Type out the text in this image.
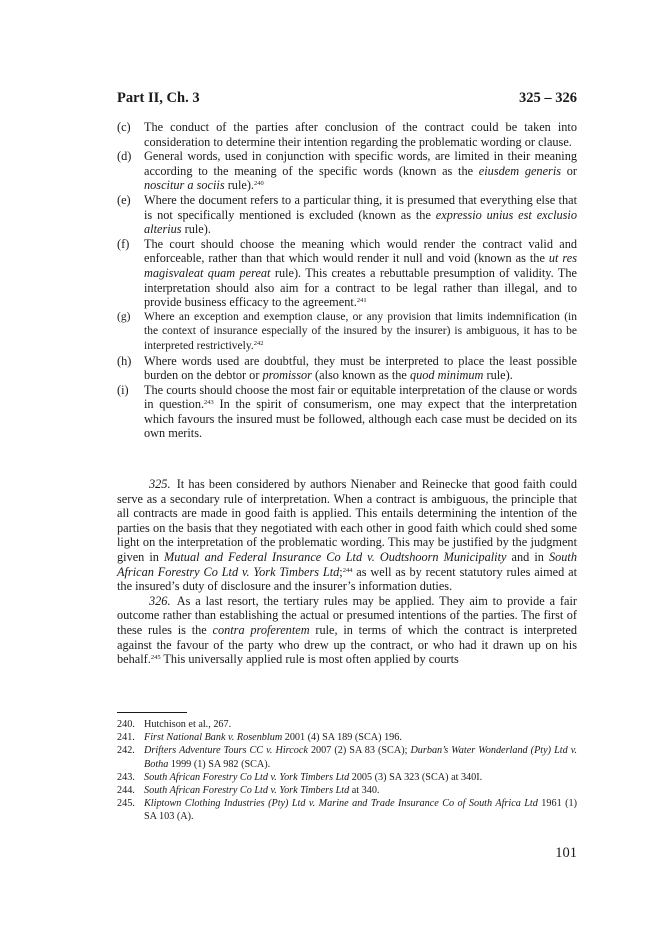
Part II, Ch. 3	325 – 326
(c) The conduct of the parties after conclusion of the contract could be taken into consideration to determine their intention regarding the problematic wording or clause.
(d) General words, used in conjunction with specific words, are limited in their meaning according to the meaning of the specific words (known as the eiusdem generis or noscitur a sociis rule).$^{240}$
(e) Where the document refers to a particular thing, it is presumed that everything else that is not specifically mentioned is excluded (known as the expressio unius est exclusio alterius rule).
(f) The court should choose the meaning which would render the contract valid and enforceable, rather than that which would render it null and void (known as the ut res magisvaleat quam pereat rule). This creates a rebuttable presumption of validity. The interpretation should also aim for a contract to be legal rather than illegal, and to provide business efficacy to the agreement.$^{241}$
(g) Where an exception and exemption clause, or any provision that limits indemnification (in the context of insurance especially of the insured by the insurer) is ambiguous, it has to be interpreted restrictively.$^{242}$
(h) Where words used are doubtful, they must be interpreted to place the least possible burden on the debtor or promissor (also known as the quod minimum rule).
(i) The courts should choose the most fair or equitable interpretation of the clause or words in question.$^{243}$ In the spirit of consumerism, one may expect that the interpretation which favours the insured must be followed, although each case must be decided on its own merits.

325.  It has been considered by authors Nienaber and Reinecke that good faith could serve as a secondary rule of interpretation. When a contract is ambiguous, the principle that all contracts are made in good faith is applied. This entails determining the intention of the parties on the basis that they negotiated with each other in good faith which could shed some light on the interpretation of the problematic wording. This may be justified by the judgment given in Mutual and Federal Insurance Co Ltd v. Oudtshoorn Municipality and in South African Forestry Co Ltd v. York Timbers Ltd;$^{244}$ as well as by recent statutory rules aimed at the insured’s duty of disclosure and the insurer’s information duties.

326.  As a last resort, the tertiary rules may be applied. They aim to provide a fair outcome rather than establishing the actual or presumed intentions of the parties. The first of these rules is the contra proferentem rule, in terms of which the contract is interpreted against the favour of the party who drew up the contract, or who had it drawn up on his behalf.$^{245}$ This universally applied rule is most often applied by courts

240. Hutchison et al., 267.
241. First National Bank v. Rosenblum 2001 (4) SA 189 (SCA) 196.
242. Drifters Adventure Tours CC v. Hircock 2007 (2) SA 83 (SCA); Durban’s Water Wonderland (Pty) Ltd v. Botha 1999 (1) SA 982 (SCA).
243. South African Forestry Co Ltd v. York Timbers Ltd 2005 (3) SA 323 (SCA) at 340I.
244. South African Forestry Co Ltd v. York Timbers Ltd at 340.
245. Kliptown Clothing Industries (Pty) Ltd v. Marine and Trade Insurance Co of South Africa Ltd 1961 (1) SA 103 (A).
101
